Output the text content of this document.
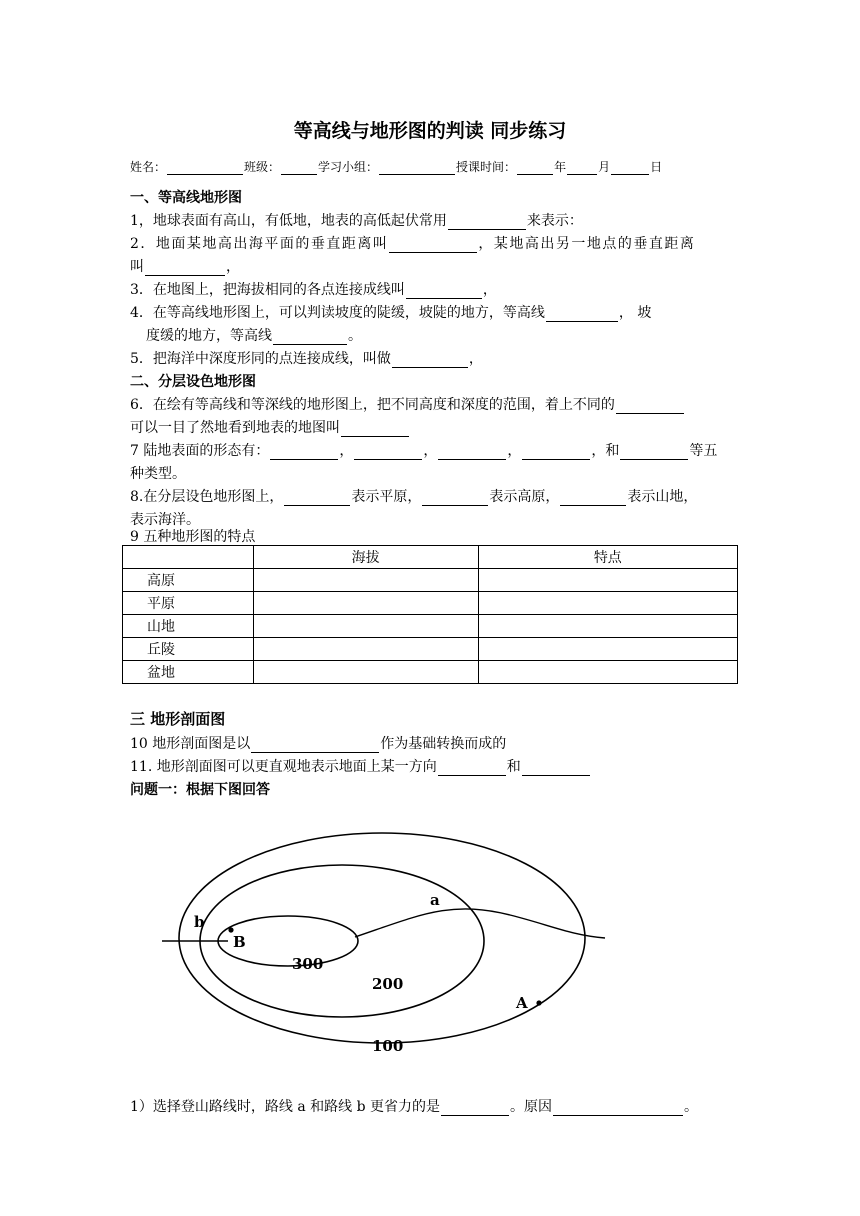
等高线与地形图的判读 同步练习
姓名：	班级：	学习小组：	授课时间：	年	月	日
一、等高线地形图
1，地球表面有高山，有低地，地表的高低起伏常用	来表示：
2．地面某地高出海平面的垂直距离叫	，某地高出另一地点的垂直距离
叫	，
3．在地图上，把海拔相同的各点连接成线叫	，
4．在等高线地形图上，可以判读坡度的陡缓，坡陡的地方，等高线	， 坡
度缓的地方，等高线	。
5．把海洋中深度形同的点连接成线，叫做	，
二、分层设色地形图
6．在绘有等高线和等深线的地形图上，把不同高度和深度的范围，着上不同的
可以一目了然地看到地表的地图叫
7 陆地表面的形态有：	，	，	，	，和	等五
种类型。
8.在分层设色地形图上，	表示平原，	表示高原，	表示山地，
表示海洋。
9 五种地形图的特点
	海拔	特点
高原		
平原		
山地		
丘陵		
盆地		
三 地形剖面图
10 地形剖面图是以	作为基础转换而成的
11. 地形剖面图可以更直观地表示地面上某一方向	和
问题一：根据下图回答
a
b
B
A
300
200
100
1）选择登山路线时，路线 a 和路线 b 更省力的是	。原因	。
